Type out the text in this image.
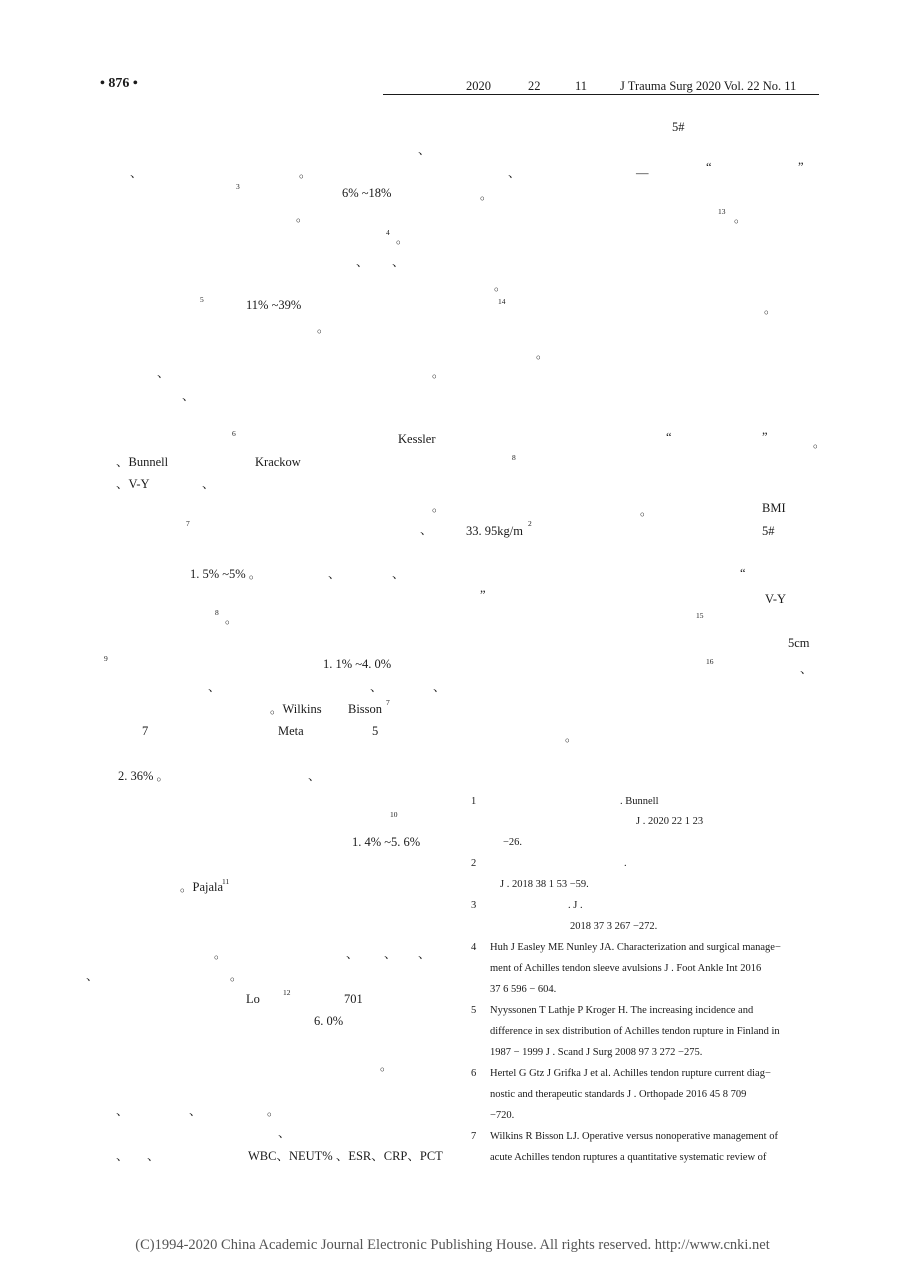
• 876 •	2020	22	11	J Trauma Surg 2020 Vol. 22 No. 11
、
、	。
3	6% ~18%
。
4 。
、 、
5	11% ~39%
。
、	。
、
6	Kessler
、Bunnell	Krackow
、V-Y	、
。
7	、
1. 5% ~5% 。	、	、
8 。
9	1. 1% ~4. 0%
、	、	、
。Wilkins Bisson 7
7	Meta	5
2. 36% 。	、
10
1. 4% ~5. 6%
。Pajala
11
。	、 、 、
、	。
Lo	12	701
6. 0%
。
、	、	。
、
、 、	WBC、NEUT% 、ESR、CRP、PCT
5#
、	—	“	”
。
13 。
。
14
。
。
“	”	。
8
。	BMI
33. 95kg/m
2
5#
“
”	V-Y
15
5cm
16
、
。
1	. Bunnell
J . 2020 22 1 23
−26.
2	.
J . 2018 38 1 53 −59.
3	. J .
2018 37 3 267 −272.
4 Huh J Easley ME Nunley JA. Characterization and surgical manage−
ment of Achilles tendon sleeve avulsions J . Foot Ankle Int 2016
37 6 596 − 604.
5 Nyyssonen T Lathje P Kroger H. The increasing incidence and
difference in sex distribution of Achilles tendon rupture in Finland in
1987 − 1999 J . Scand J Surg 2008 97 3 272 −275.
6 Hertel G Gtz J Grifka J et al. Achilles tendon rupture current diag−
nostic and therapeutic standards J . Orthopade 2016 45 8 709
−720.
7 Wilkins R Bisson LJ. Operative versus nonoperative management of
acute Achilles tendon ruptures a quantitative systematic review of
(C)1994-2020 China Academic Journal Electronic Publishing House. All rights reserved. http://www.cnki.net
